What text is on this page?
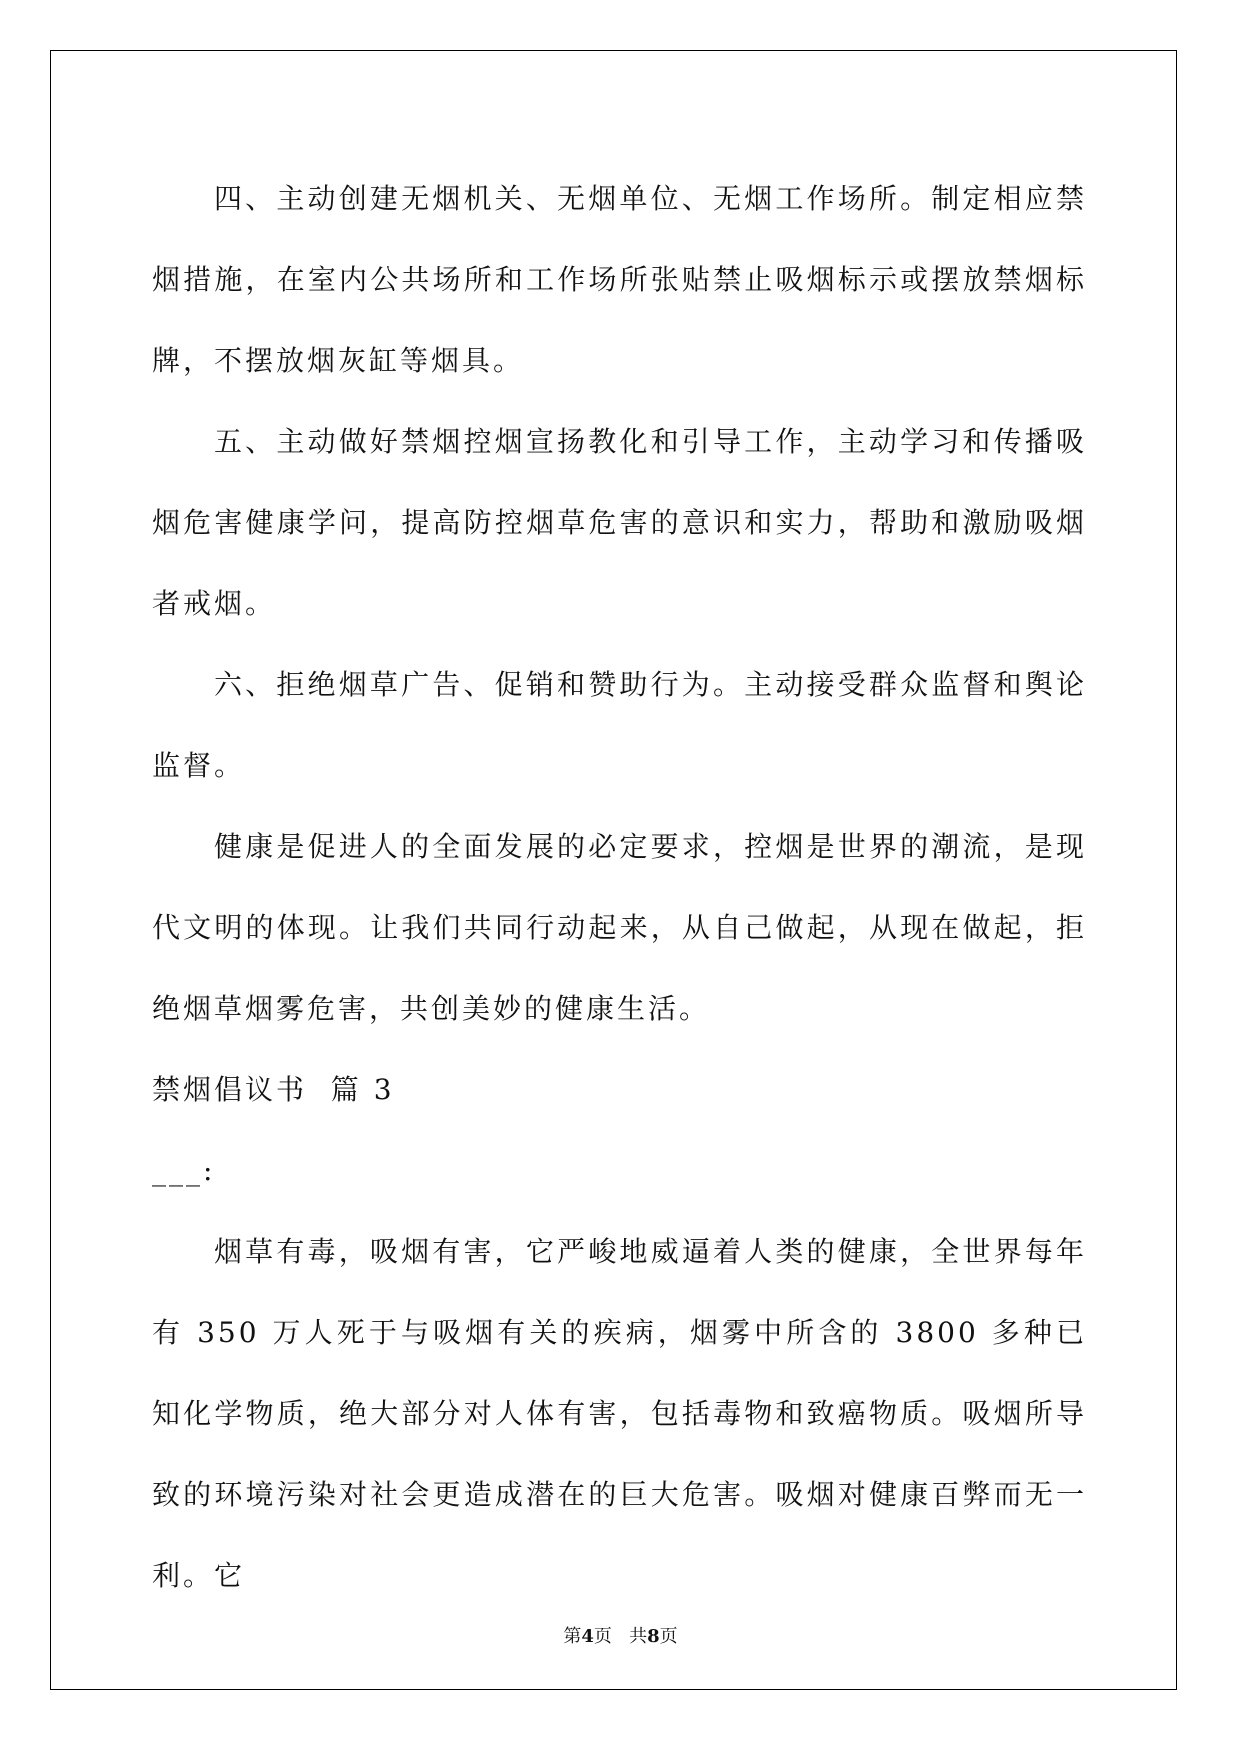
四、主动创建无烟机关、无烟单位、无烟工作场所。制定相应禁烟措施，在室内公共场所和工作场所张贴禁止吸烟标示或摆放禁烟标牌，不摆放烟灰缸等烟具。

五、主动做好禁烟控烟宣扬教化和引导工作，主动学习和传播吸烟危害健康学问，提高防控烟草危害的意识和实力，帮助和激励吸烟者戒烟。

六、拒绝烟草广告、促销和赞助行为。主动接受群众监督和舆论监督。

健康是促进人的全面发展的必定要求，控烟是世界的潮流，是现代文明的体现。让我们共同行动起来，从自己做起，从现在做起，拒绝烟草烟雾危害，共创美妙的健康生活。

禁烟倡议书  篇 3

___:

烟草有毒，吸烟有害，它严峻地威逼着人类的健康，全世界每年有 350 万人死于与吸烟有关的疾病，烟雾中所含的 3800 多种已知化学物质，绝大部分对人体有害，包括毒物和致癌物质。吸烟所导致的环境污染对社会更造成潜在的巨大危害。吸烟对健康百弊而无一利。它

第4页 共8页
